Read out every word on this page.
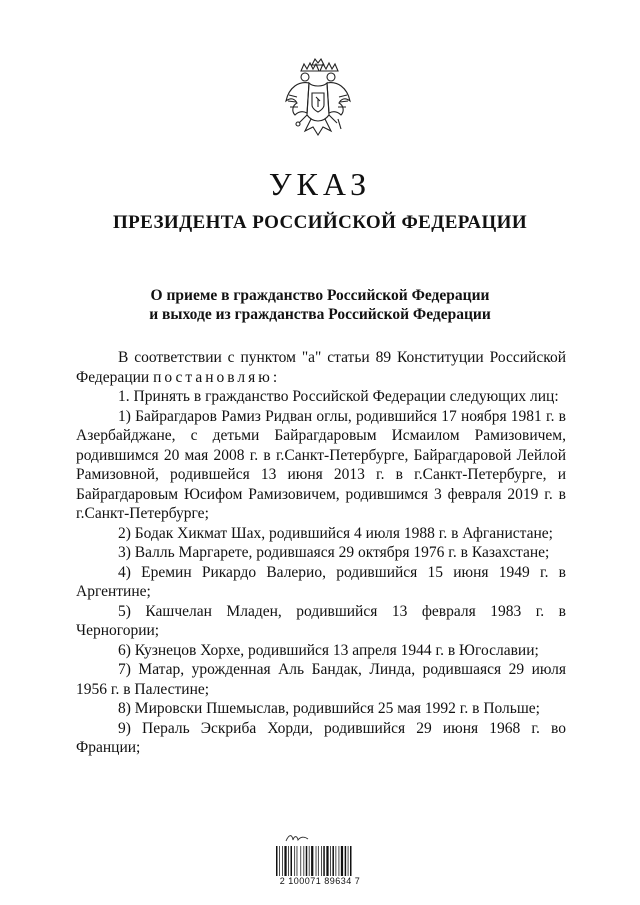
УКАЗ
ПРЕЗИДЕНТА РОССИЙСКОЙ ФЕДЕРАЦИИ
О приеме в гражданство Российской Федерации
и выходе из гражданства Российской Федерации

В соответствии с пунктом "а" статьи 89 Конституции Российской Федерации постановляю:

1. Принять в гражданство Российской Федерации следующих лиц:

1) Байрагдаров Рамиз Ридван оглы, родившийся 17 ноября 1981 г. в Азербайджане, с детьми Байрагдаровым Исмаилом Рамизовичем, родившимся 20 мая 2008 г. в г.Санкт-Петербурге, Байрагдаровой Лейлой Рамизовной, родившейся 13 июня 2013 г. в г.Санкт-Петербурге, и Байрагдаровым Юсифом Рамизовичем, родившимся 3 февраля 2019 г. в г.Санкт-Петербурге;

2) Бодак Хикмат Шах, родившийся 4 июля 1988 г. в Афганистане;

3) Валль Маргарете, родившаяся 29 октября 1976 г. в Казахстане;

4) Еремин Рикардо Валерио, родившийся 15 июня 1949 г. в Аргентине;

5) Кашчелан Младен, родившийся 13 февраля 1983 г. в Черногории;

6) Кузнецов Хорхе, родившийся 13 апреля 1944 г. в Югославии;

7) Матар, урожденная Аль Бандак, Линда, родившаяся 29 июля 1956 г. в Палестине;

8) Мировски Пшемыслав, родившийся 25 мая 1992 г. в Польше;

9) Пераль Эскриба Хорди, родившийся 29 июня 1968 г. во Франции;

2 100071 89634 7
